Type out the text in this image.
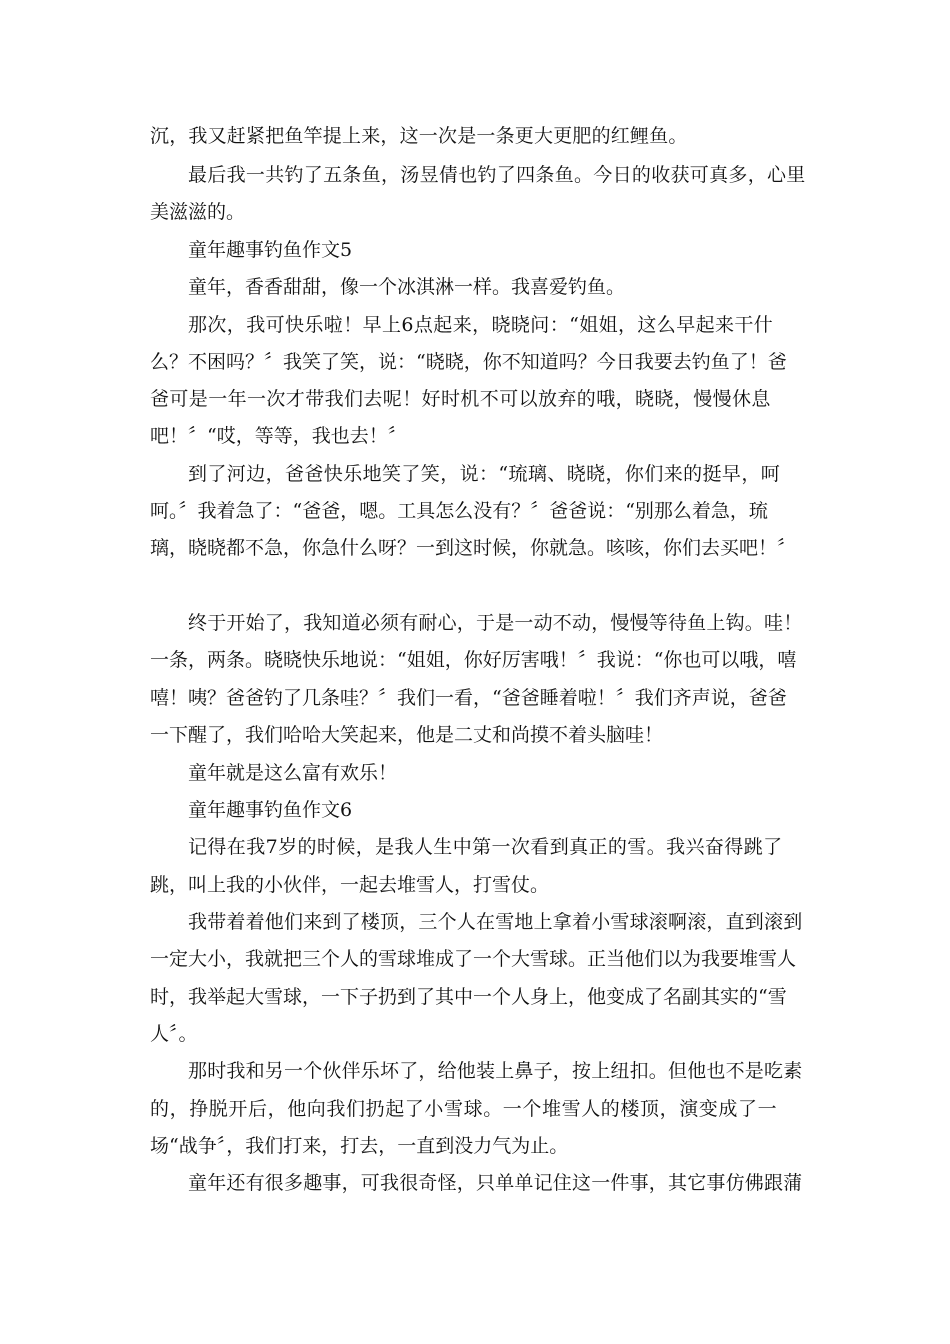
沉，我又赶紧把鱼竿提上来，这一次是一条更大更肥的红鲤鱼。
最后我一共钓了五条鱼，汤昱倩也钓了四条鱼。今日的收获可真多，心里
美滋滋的。
童年趣事钓鱼作文5
童年，香香甜甜，像一个冰淇淋一样。我喜爱钓鱼。
那次，我可快乐啦！早上6点起来，晓晓问：“姐姐，这么早起来干什
么？不困吗？〞我笑了笑，说：“晓晓，你不知道吗？今日我要去钓鱼了！爸
爸可是一年一次才带我们去呢！好时机不可以放弃的哦，晓晓，慢慢休息
吧！〞“哎，等等，我也去！〞
到了河边，爸爸快乐地笑了笑，说：“琉璃、晓晓，你们来的挺早，呵
呵。〞我着急了：“爸爸，嗯。工具怎么没有？〞爸爸说：“别那么着急，琉
璃，晓晓都不急，你急什么呀？一到这时候，你就急。咳咳，你们去买吧！〞
终于开始了，我知道必须有耐心，于是一动不动，慢慢等待鱼上钩。哇！
一条，两条。晓晓快乐地说：“姐姐，你好厉害哦！〞我说：“你也可以哦，嘻
嘻！咦？爸爸钓了几条哇？〞我们一看，“爸爸睡着啦！〞我们齐声说，爸爸
一下醒了，我们哈哈大笑起来，他是二丈和尚摸不着头脑哇！
童年就是这么富有欢乐！
童年趣事钓鱼作文6
记得在我7岁的时候，是我人生中第一次看到真正的雪。我兴奋得跳了
跳，叫上我的小伙伴，一起去堆雪人，打雪仗。
我带着着他们来到了楼顶，三个人在雪地上拿着小雪球滚啊滚，直到滚到
一定大小，我就把三个人的雪球堆成了一个大雪球。正当他们以为我要堆雪人
时，我举起大雪球，一下子扔到了其中一个人身上，他变成了名副其实的“雪
人〞。
那时我和另一个伙伴乐坏了，给他装上鼻子，按上纽扣。但他也不是吃素
的，挣脱开后，他向我们扔起了小雪球。一个堆雪人的楼顶，演变成了一
场“战争〞，我们打来，打去，一直到没力气为止。
童年还有很多趣事，可我很奇怪，只单单记住这一件事，其它事仿佛跟蒲
